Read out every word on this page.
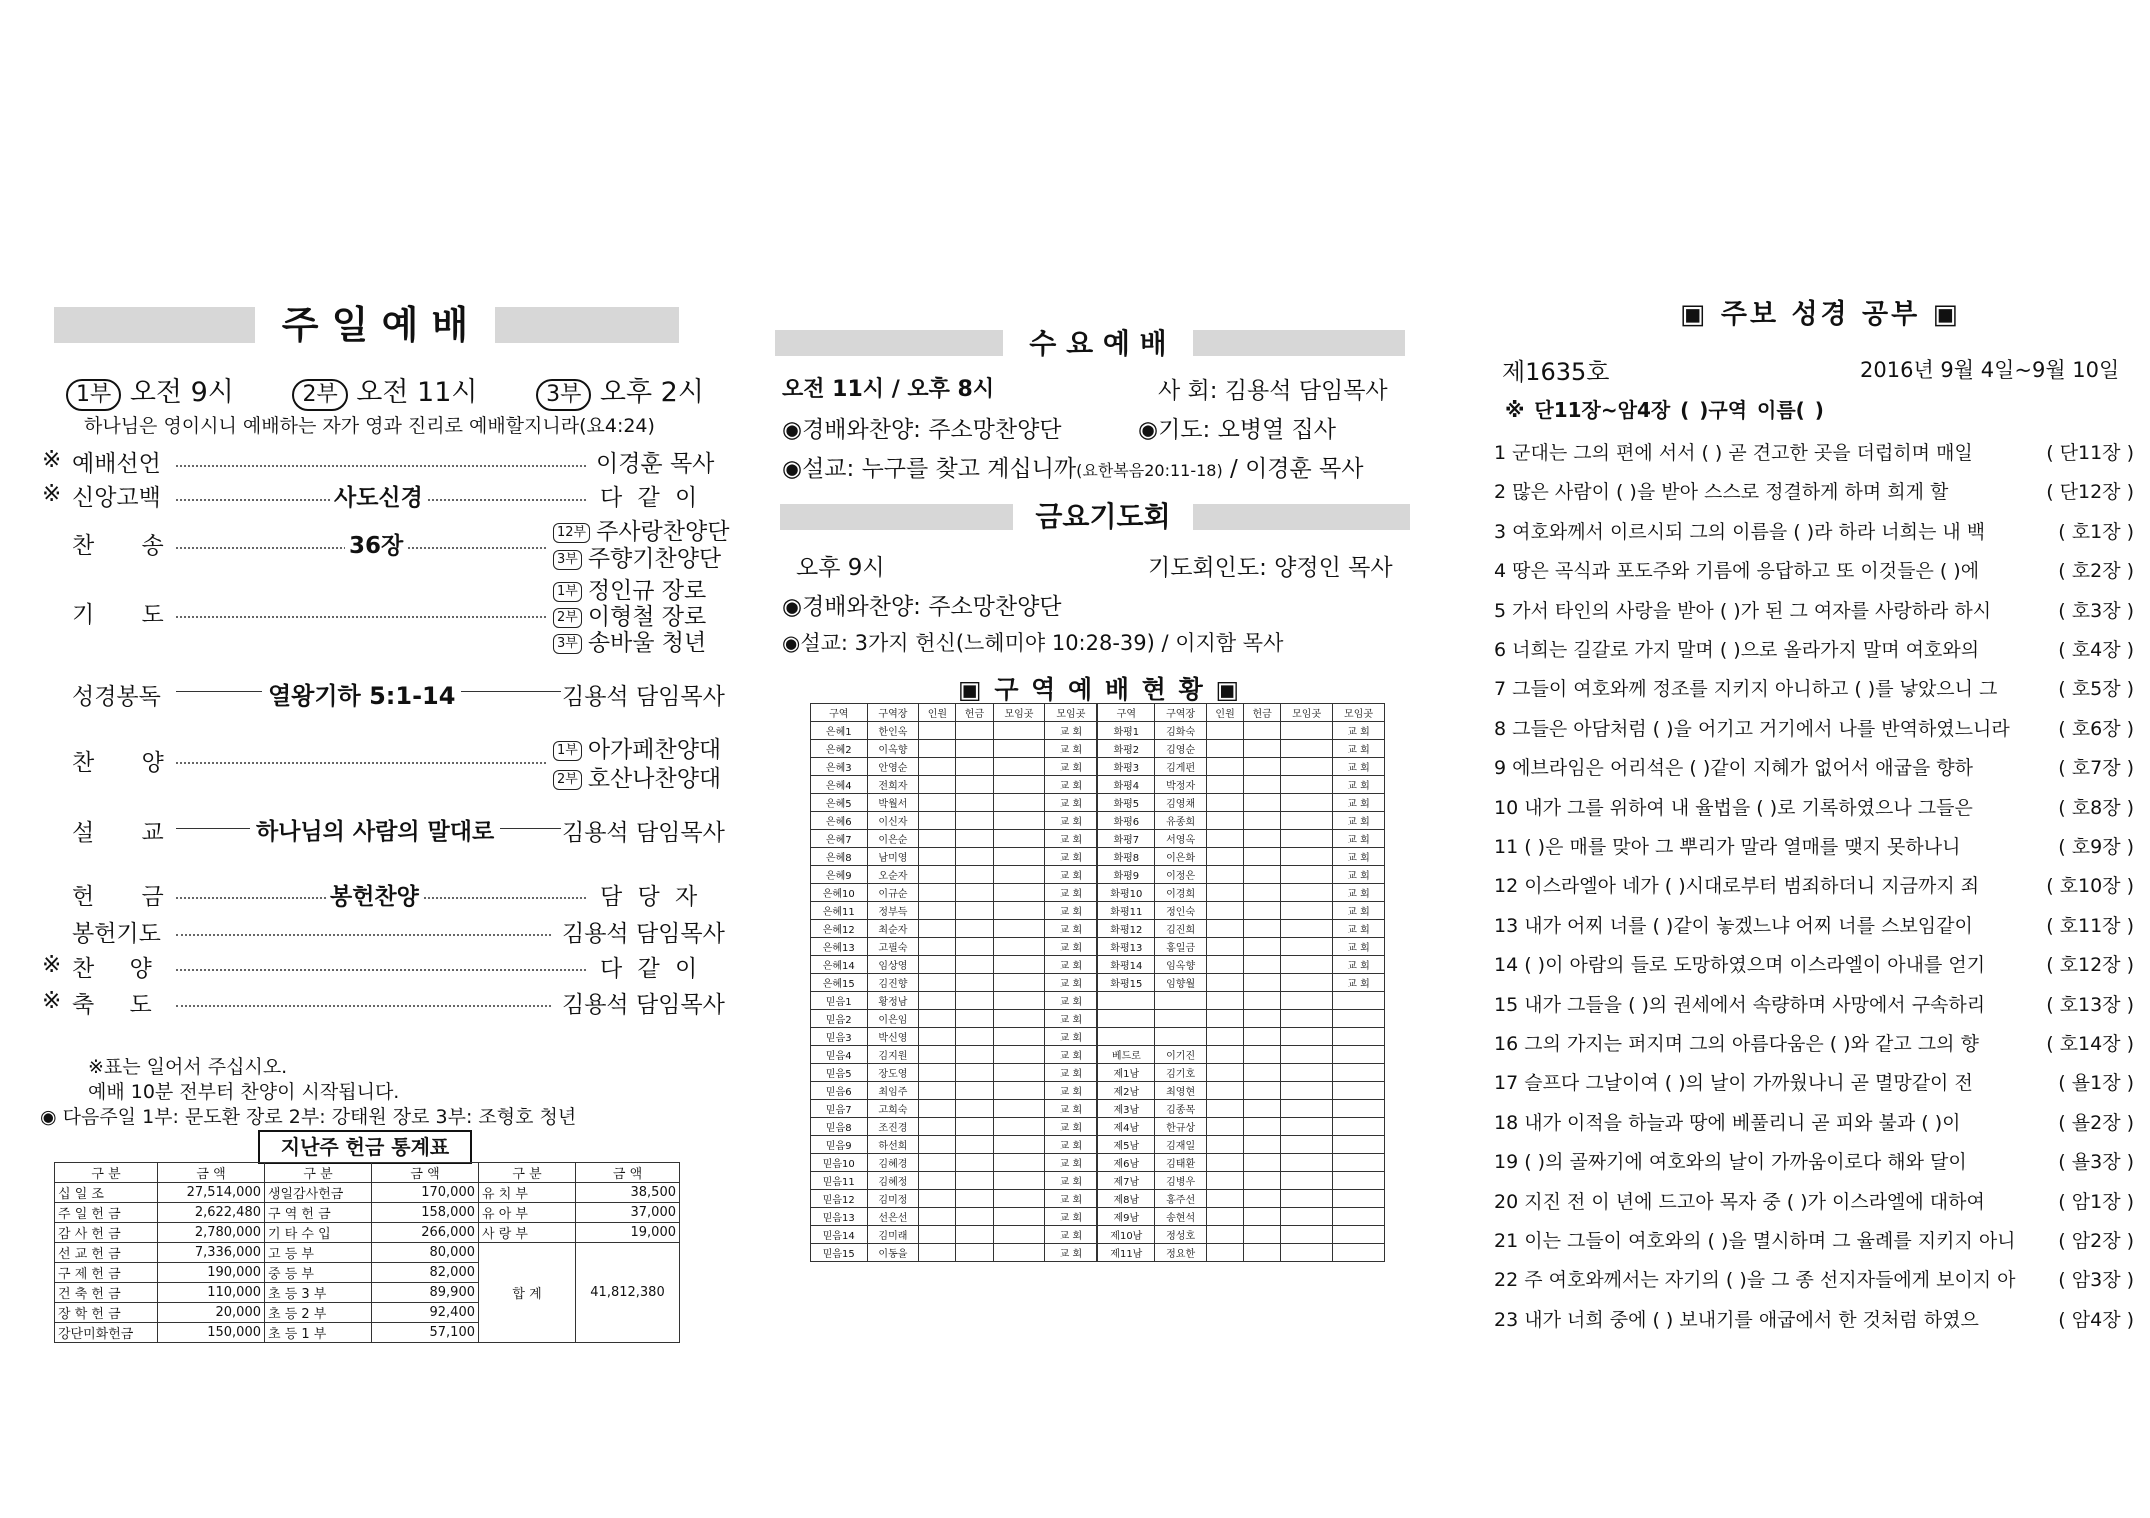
주 일 예 배
1부 오전 9시	2부 오전 11시	3부 오후 2시
하나님은 영이시니 예배하는 자가 영과 진리로 예배할지니라(요4:24)
※ 예배선언	이경훈 목사
※ 신앙고백	사도신경	다 같 이
찬 송	36장
12부 주사랑찬양단
3부 주향기찬양단
기 도
1부 정인규 장로
2부 이형철 장로
3부 송바울 청년
성경봉독	열왕기하 5:1-14	김용석 담임목사
찬 양	1부 아가페찬양대
2부 호산나찬양대
설 교	하나님의 사람의 말대로	김용석 담임목사
헌 금	봉헌찬양	담 당 자
봉헌기도	김용석 담임목사
※ 찬 양	다 같 이
※ 축 도	김용석 담임목사
※표는 일어서 주십시오.
예배 10분 전부터 찬양이 시작됩니다.
◉ 다음주일 1부: 문도환 장로 2부: 강태원 장로 3부: 조형호 청년
지난주 헌금 통계표
구 분	금 액	구 분	금 액	구 분	금 액
십 일 조	27,514,000	생일감사헌금	170,000	유 치 부	38,500
주 일 헌 금	2,622,480	구 역 헌 금	158,000	유 아 부	37,000
감 사 헌 금	2,780,000	기 타 수 입	266,000	사 랑 부	19,000
선 교 헌 금	7,336,000	고 등 부	80,000	합 계	41,812,380
구 제 헌 금	190,000	중 등 부	82,000		
건 축 헌 금	110,000	초 등 3 부	89,900		
장 학 헌 금	20,000	초 등 2 부	92,400		
강단미화헌금	150,000	초 등 1 부	57,100		
수 요 예 배
오전 11시 / 오후 8시	사 회: 김용석 담임목사
◉경배와찬양: 주소망찬양단	◉기도: 오병열 집사
◉설교: 누구를 찾고 계십니까(요한복음20:11-18) / 이경훈 목사
금요기도회
오후 9시	기도회인도: 양정인 목사
◉경배와찬양: 주소망찬양단
◉설교: 3가지 헌신(느헤미야 10:28-39) / 이지함 목사
▣ 구 역 예 배 현 황 ▣
구역	구역장	인원	헌금	모임곳	모임곳	구역	구역장	인원	헌금	모임곳	모임곳
은혜1	한인옥				교 회	화평1	김화숙				교 회
은혜2	이옥향				교 회	화평2	김영순				교 회
은혜3	안영순				교 회	화평3	김게펀				교 회
은혜4	전희자				교 회	화평4	박정자				교 회
은혜5	박월서				교 회	화평5	김영채				교 회
은혜6	이신자				교 회	화평6	유종희				교 회
은혜7	이은순				교 회	화평7	서영옥				교 회
은혜8	남미영				교 회	화평8	이은화				교 회
은혜9	오순자				교 회	화평9	이정은				교 회
은혜10	이규순				교 회	화평10	이경희				교 회
은혜11	정부득				교 회	화평11	정인숙				교 회
은혜12	최순자				교 회	화평12	김진희				교 회
은혜13	고필숙				교 회	화평13	홍일금				교 회
은혜14	임상영				교 회	화평14	임옥향				교 회
은혜15	김진향				교 회	화평15	임향월				교 회
믿음1	황정남				교 회						
믿음2	이은임				교 회						
믿음3	박신영				교 회						
믿음4	김지원				교 회	베드로	이기진				
믿음5	장도영				교 회	제1남	김기호				
믿음6	최임주				교 회	제2남	최영현				
믿음7	고희숙				교 회	제3남	김종목				
믿음8	조진경				교 회	제4남	한규상				
믿음9	하선희				교 회	제5남	김재일				
믿음10	김혜경				교 회	제6남	김태환				
믿음11	김혜정				교 회	제7남	김병우				
믿음12	김미정				교 회	제8남	홍주선				
믿음13	선은선				교 회	제9남	송현석				
믿음14	김미래				교 회	제10남	정성호				
믿음15	이동을				교 회	제11남	정요한				
▣ 주보 성경 공부 ▣
제1635호	2016년 9월 4일~9월 10일
※ 단11장~암4장 ( )구역 이름( )
1 군대는 그의 편에 서서 ( ) 곧 견고한 곳을 더럽히며 매일	( 단11장 )
2 많은 사람이 ( )을 받아 스스로 정결하게 하며 희게 할	( 단12장 )
3 여호와께서 이르시되 그의 이름을 ( )라 하라 너희는 내 백	( 호1장 )
4 땅은 곡식과 포도주와 기름에 응답하고 또 이것들은 ( )에	( 호2장 )
5 가서 타인의 사랑을 받아 ( )가 된 그 여자를 사랑하라 하시	( 호3장 )
6 너희는 길갈로 가지 말며 ( )으로 올라가지 말며 여호와의	( 호4장 )
7 그들이 여호와께 정조를 지키지 아니하고 ( )를 낳았으니 그	( 호5장 )
8 그들은 아담처럼 ( )을 어기고 거기에서 나를 반역하였느니라	( 호6장 )
9 에브라임은 어리석은 ( )같이 지혜가 없어서 애굽을 향하	( 호7장 )
10 내가 그를 위하여 내 율법을 ( )로 기록하였으나 그들은	( 호8장 )
11 ( )은 매를 맞아 그 뿌리가 말라 열매를 맺지 못하나니	( 호9장 )
12 이스라엘아 네가 ( )시대로부터 범죄하더니 지금까지 죄	( 호10장 )
13 내가 어찌 너를 ( )같이 놓겠느냐 어찌 너를 스보임같이	( 호11장 )
14 ( )이 아람의 들로 도망하였으며 이스라엘이 아내를 얻기	( 호12장 )
15 내가 그들을 ( )의 권세에서 속량하며 사망에서 구속하리	( 호13장 )
16 그의 가지는 퍼지며 그의 아름다움은 ( )와 같고 그의 향	( 호14장 )
17 슬프다 그날이여 ( )의 날이 가까웠나니 곧 멸망같이 전	( 욜1장 )
18 내가 이적을 하늘과 땅에 베풀리니 곧 피와 불과 ( )이	( 욜2장 )
19 ( )의 골짜기에 여호와의 날이 가까움이로다 해와 달이	( 욜3장 )
20 지진 전 이 년에 드고아 목자 중 ( )가 이스라엘에 대하여	( 암1장 )
21 이는 그들이 여호와의 ( )을 멸시하며 그 율례를 지키지 아니 ( 암2장 )
22 주 여호와께서는 자기의 ( )을 그 종 선지자들에게 보이지 아 ( 암3장 )
23 내가 너희 중에 ( ) 보내기를 애굽에서 한 것처럼 하였으	( 암4장 )
